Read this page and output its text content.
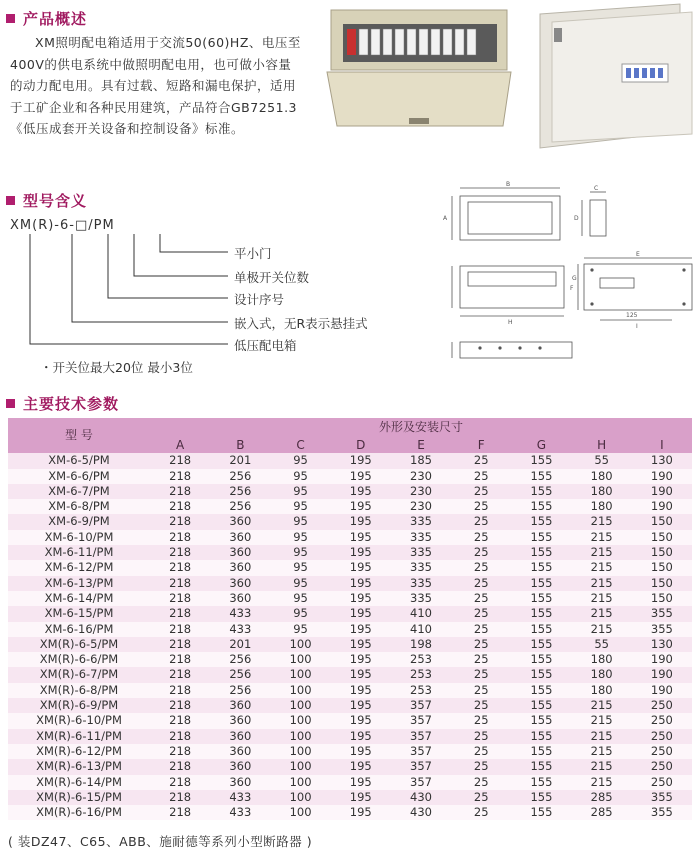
产品概述
XM照明配电箱适用于交流50(60)HZ、电压至400V的供电系统中做照明配电用，也可做小容量的动力配电用。具有过载、短路和漏电保护，适用于工矿企业和各种民用建筑，产品符合GB7251.3《低压成套开关设备和控制设备》标准。
型号含义
XM(R)-6-□/PM
平小门
单极开关位数
设计序号
嵌入式，无R表示悬挂式
低压配电箱
・开关位最大20位 最小3位
B
A
C
D
E
F
G
H
I
125
主要技术参数
型 号	外形及安装尺寸								
	A	B	C	D	E	F	G	H	I
XM-6-5/PM	218	201	95	195	185	25	155	55	130
XM-6-6/PM	218	256	95	195	230	25	155	180	190
XM-6-7/PM	218	256	95	195	230	25	155	180	190
XM-6-8/PM	218	256	95	195	230	25	155	180	190
XM-6-9/PM	218	360	95	195	335	25	155	215	150
XM-6-10/PM	218	360	95	195	335	25	155	215	150
XM-6-11/PM	218	360	95	195	335	25	155	215	150
XM-6-12/PM	218	360	95	195	335	25	155	215	150
XM-6-13/PM	218	360	95	195	335	25	155	215	150
XM-6-14/PM	218	360	95	195	335	25	155	215	150
XM-6-15/PM	218	433	95	195	410	25	155	215	355
XM-6-16/PM	218	433	95	195	410	25	155	215	355
XM(R)-6-5/PM	218	201	100	195	198	25	155	55	130
XM(R)-6-6/PM	218	256	100	195	253	25	155	180	190
XM(R)-6-7/PM	218	256	100	195	253	25	155	180	190
XM(R)-6-8/PM	218	256	100	195	253	25	155	180	190
XM(R)-6-9/PM	218	360	100	195	357	25	155	215	250
XM(R)-6-10/PM	218	360	100	195	357	25	155	215	250
XM(R)-6-11/PM	218	360	100	195	357	25	155	215	250
XM(R)-6-12/PM	218	360	100	195	357	25	155	215	250
XM(R)-6-13/PM	218	360	100	195	357	25	155	215	250
XM(R)-6-14/PM	218	360	100	195	357	25	155	215	250
XM(R)-6-15/PM	218	433	100	195	430	25	155	285	355
XM(R)-6-16/PM	218	433	100	195	430	25	155	285	355
( 装DZ47、C65、ABB、施耐德等系列小型断路器 )
